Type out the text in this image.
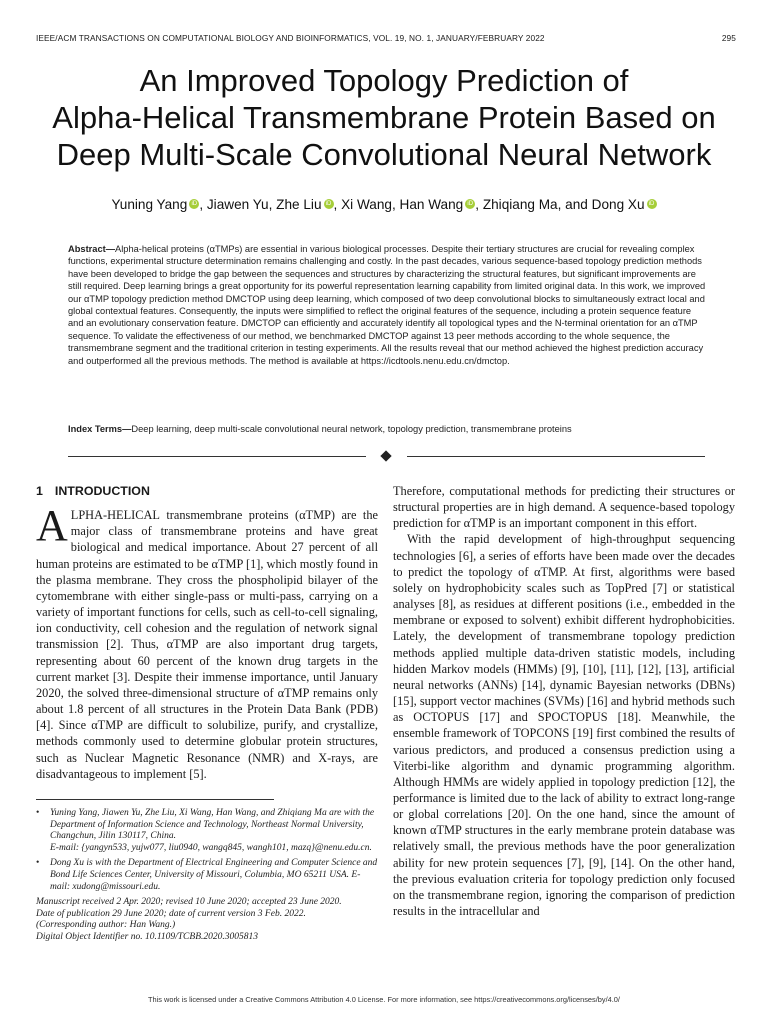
IEEE/ACM TRANSACTIONS ON COMPUTATIONAL BIOLOGY AND BIOINFORMATICS, VOL. 19, NO. 1, JANUARY/FEBRUARY 2022	295
An Improved Topology Prediction of
Alpha-Helical Transmembrane Protein Based on
Deep Multi-Scale Convolutional Neural Network
Yuning Yang iD , Jiawen Yu, Zhe Liu iD , Xi Wang, Han Wang iD , Zhiqiang Ma, and Dong Xu iD
Abstract—Alpha-helical proteins (αTMPs) are essential in various biological processes. Despite their tertiary structures are crucial for revealing complex functions, experimental structure determination remains challenging and costly. In the past decades, various sequence-based topology prediction methods have been developed to bridge the gap between the sequences and structures by characterizing the structural features, but significant improvements are still required. Deep learning brings a great opportunity for its powerful representation learning capability from limited original data. In this work, we improved our αTMP topology prediction method DMCTOP using deep learning, which composed of two deep convolutional blocks to simultaneously extract local and global contextual features. Consequently, the inputs were simplified to reflect the original features of the sequence, including a protein sequence feature and an evolutionary conservation feature. DMCTOP can efficiently and accurately identify all topological types and the N-terminal orientation for an αTMP sequence. To validate the effectiveness of our method, we benchmarked DMCTOP against 13 peer methods according to the whole sequence, the transmembrane segment and the traditional criterion in testing experiments. All the results reveal that our method achieved the highest prediction accuracy and outperformed all the previous methods. The method is available at https://icdtools.nenu.edu.cn/dmctop.
Index Terms—Deep learning, deep multi-scale convolutional neural network, topology prediction, transmembrane proteins
1 INTRODUCTION

ALPHA-HELICAL transmembrane proteins (αTMP) are the major class of transmembrane proteins and have great biological and medical importance. About 27 percent of all human proteins are estimated to be αTMP [1], which mostly found in the plasma membrane. They cross the phospholipid bilayer of the cytomembrane with either single-pass or multi-pass, carrying on a variety of important functions for cells, such as cell-to-cell signaling, ion conductivity, cell cohesion and the regulation of network signal transmission [2]. Thus, αTMP are also important drug targets, representing about 60 percent of the known drug targets in the current market [3]. Despite their immense importance, until January 2020, the solved three-dimensional structure of αTMP remains only about 1.8 percent of all structures in the Protein Data Bank (PDB) [4]. Since αTMP are difficult to solubilize, purify, and crystallize, methods commonly used to determine globular protein structures, such as Nuclear Magnetic Resonance (NMR) and X-rays, are disadvantageous to implement [5].

• Yuning Yang, Jiawen Yu, Zhe Liu, Xi Wang, Han Wang, and Zhiqiang Ma are with the Department of Information Science and Technology, Northeast Normal University, Changchun, Jilin 130117, China.
E-mail: {yangyn533, yujw077, liu0940, wangq845, wangh101, mazq}@nenu.edu.cn.
• Dong Xu is with the Department of Electrical Engineering and Computer Science and Bond Life Sciences Center, University of Missouri, Columbia, MO 65211 USA. E-mail: xudong@missouri.edu.
Manuscript received 2 Apr. 2020; revised 10 June 2020; accepted 23 June 2020.
Date of publication 29 June 2020; date of current version 3 Feb. 2022.
(Corresponding author: Han Wang.)
Digital Object Identifier no. 10.1109/TCBB.2020.3005813

Therefore, computational methods for predicting their structures or structural properties are in high demand. A sequence-based topology prediction for αTMP is an important component in this effort.

With the rapid development of high-throughput sequencing technologies [6], a series of efforts have been made over the decades to predict the topology of αTMP. At first, algorithms were based solely on hydrophobicity scales such as TopPred [7] or statistical analyses [8], as residues at different positions (i.e., embedded in the membrane or exposed to solvent) exhibit different hydrophobicities. Lately, the development of transmembrane topology prediction methods applied multiple data-driven statistic models, including hidden Markov models (HMMs) [9], [10], [11], [12], [13], artificial neural networks (ANNs) [14], dynamic Bayesian networks (DBNs) [15], support vector machines (SVMs) [16] and hybrid methods such as OCTOPUS [17] and SPOCTOPUS [18]. Meanwhile, the ensemble framework of TOPCONS [19] first combined the results of various predictors, and produced a consensus prediction using a Viterbi-like algorithm and dynamic programming algorithm. Although HMMs are widely applied in topology prediction [12], the performance is limited due to the lack of ability to extract long-range or global correlations [20]. On the one hand, since the amount of known αTMP structures in the early membrane protein database was relatively small, the previous methods have the poor generalization ability for new protein sequences [7], [9], [14]. On the other hand, the previous evaluation criteria for topology prediction only focused on the transmembrane region, ignoring the comparison of prediction results in the intracellular and

This work is licensed under a Creative Commons Attribution 4.0 License. For more information, see https://creativecommons.org/licenses/by/4.0/
